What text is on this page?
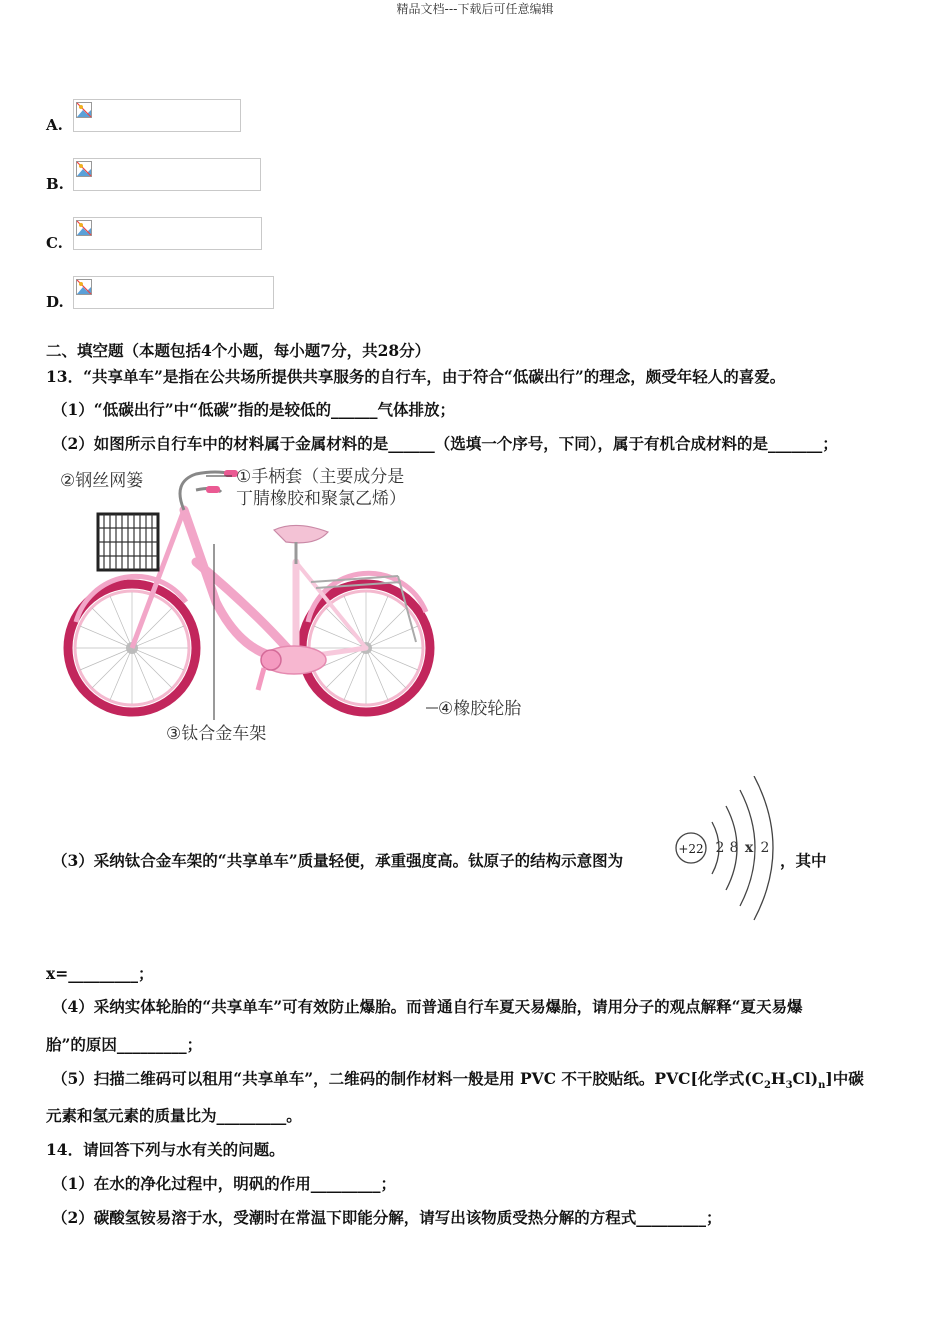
精品文档---下载后可任意编辑
A.
B.
C.
D.
二、填空题（本题包括4个小题，每小题7分，共28分）
13．“共享单车”是指在公共场所提供共享服务的自行车，由于符合“低碳出行”的理念，颇受年轻人的喜爱。
（1）“低碳出行”中“低碳”指的是较低的______气体排放；
（2）如图所示自行车中的材料属于金属材料的是______（选填一个序号，下同），属于有机合成材料的是_______；
①手柄套（主要成分是
丁腈橡胶和聚氯乙烯）
②钢丝网篓
③钛合金车架
④橡胶轮胎
（3）采纳钛合金车架的“共享单车”质量轻便，承重强度高。钛原子的结构示意图为
+22 2 8 x 2
，其中
x=_________；
（4）采纳实体轮胎的“共享单车”可有效防止爆胎。而普通自行车夏天易爆胎，请用分子的观点解释“夏天易爆
胎”的原因_________；
（5）扫描二维码可以租用“共享单车”，二维码的制作材料一般是用 PVC 不干胶贴纸。PVC[化学式$(C_2H_3Cl)_n$]中碳
元素和氢元素的质量比为_________。
14．请回答下列与水有关的问题。
（1）在水的净化过程中，明矾的作用_________；
（2）碳酸氢铵易溶于水，受潮时在常温下即能分解，请写出该物质受热分解的方程式_________；
